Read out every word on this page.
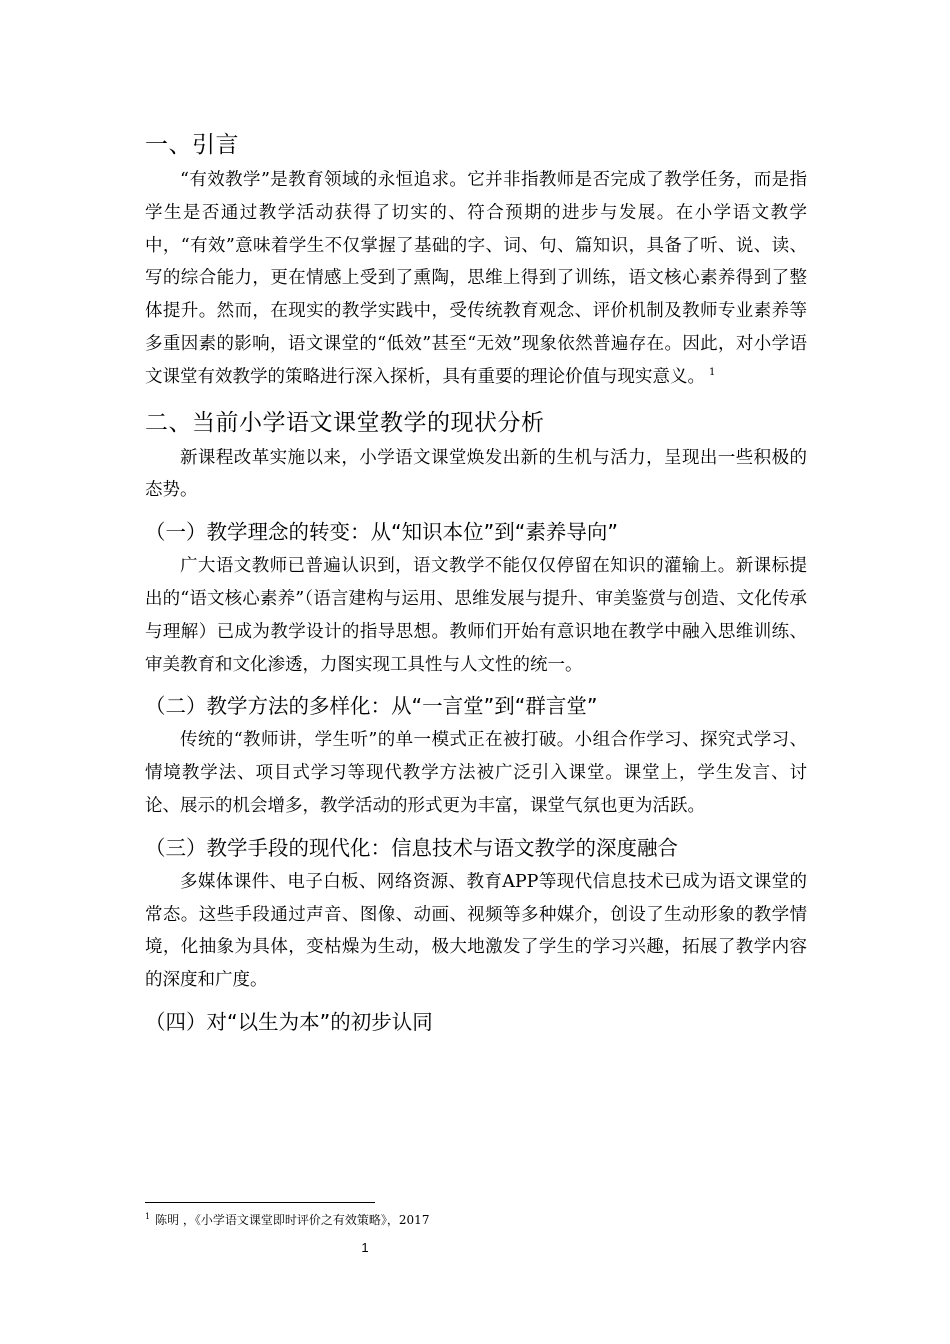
一、引言

“有效教学”是教育领域的永恒追求。它并非指教师是否完成了教学任务，而是指学生是否通过教学活动获得了切实的、符合预期的进步与发展。在小学语文教学中，“有效”意味着学生不仅掌握了基础的字、词、句、篇知识，具备了听、说、读、写的综合能力，更在情感上受到了熏陶，思维上得到了训练，语文核心素养得到了整体提升。然而，在现实的教学实践中，受传统教育观念、评价机制及教师专业素养等多重因素的影响，语文课堂的“低效”甚至“无效”现象依然普遍存在。因此，对小学语文课堂有效教学的策略进行深入探析，具有重要的理论价值与现实意义。 $^1$

二、当前小学语文课堂教学的现状分析

新课程改革实施以来，小学语文课堂焕发出新的生机与活力，呈现出一些积极的态势。

（一）教学理念的转变：从“知识本位”到“素养导向”

广大语文教师已普遍认识到，语文教学不能仅仅停留在知识的灌输上。新课标提出的“语文核心素养”（语言建构与运用、思维发展与提升、审美鉴赏与创造、文化传承与理解）已成为教学设计的指导思想。教师们开始有意识地在教学中融入思维训练、审美教育和文化渗透，力图实现工具性与人文性的统一。

（二）教学方法的多样化：从“一言堂”到“群言堂”

传统的“教师讲，学生听”的单一模式正在被打破。小组合作学习、探究式学习、情境教学法、项目式学习等现代教学方法被广泛引入课堂。课堂上，学生发言、讨论、展示的机会增多，教学活动的形式更为丰富，课堂气氛也更为活跃。

（三）教学手段的现代化：信息技术与语文教学的深度融合

多媒体课件、电子白板、网络资源、教育APP等现代信息技术已成为语文课堂的常态。这些手段通过声音、图像、动画、视频等多种媒介，创设了生动形象的教学情境，化抽象为具体，变枯燥为生动，极大地激发了学生的学习兴趣，拓展了教学内容的深度和广度。

（四）对“以生为本”的初步认同
$^1$ 陈明 ，《小学语文课堂即时评价之有效策略》，2017
1
